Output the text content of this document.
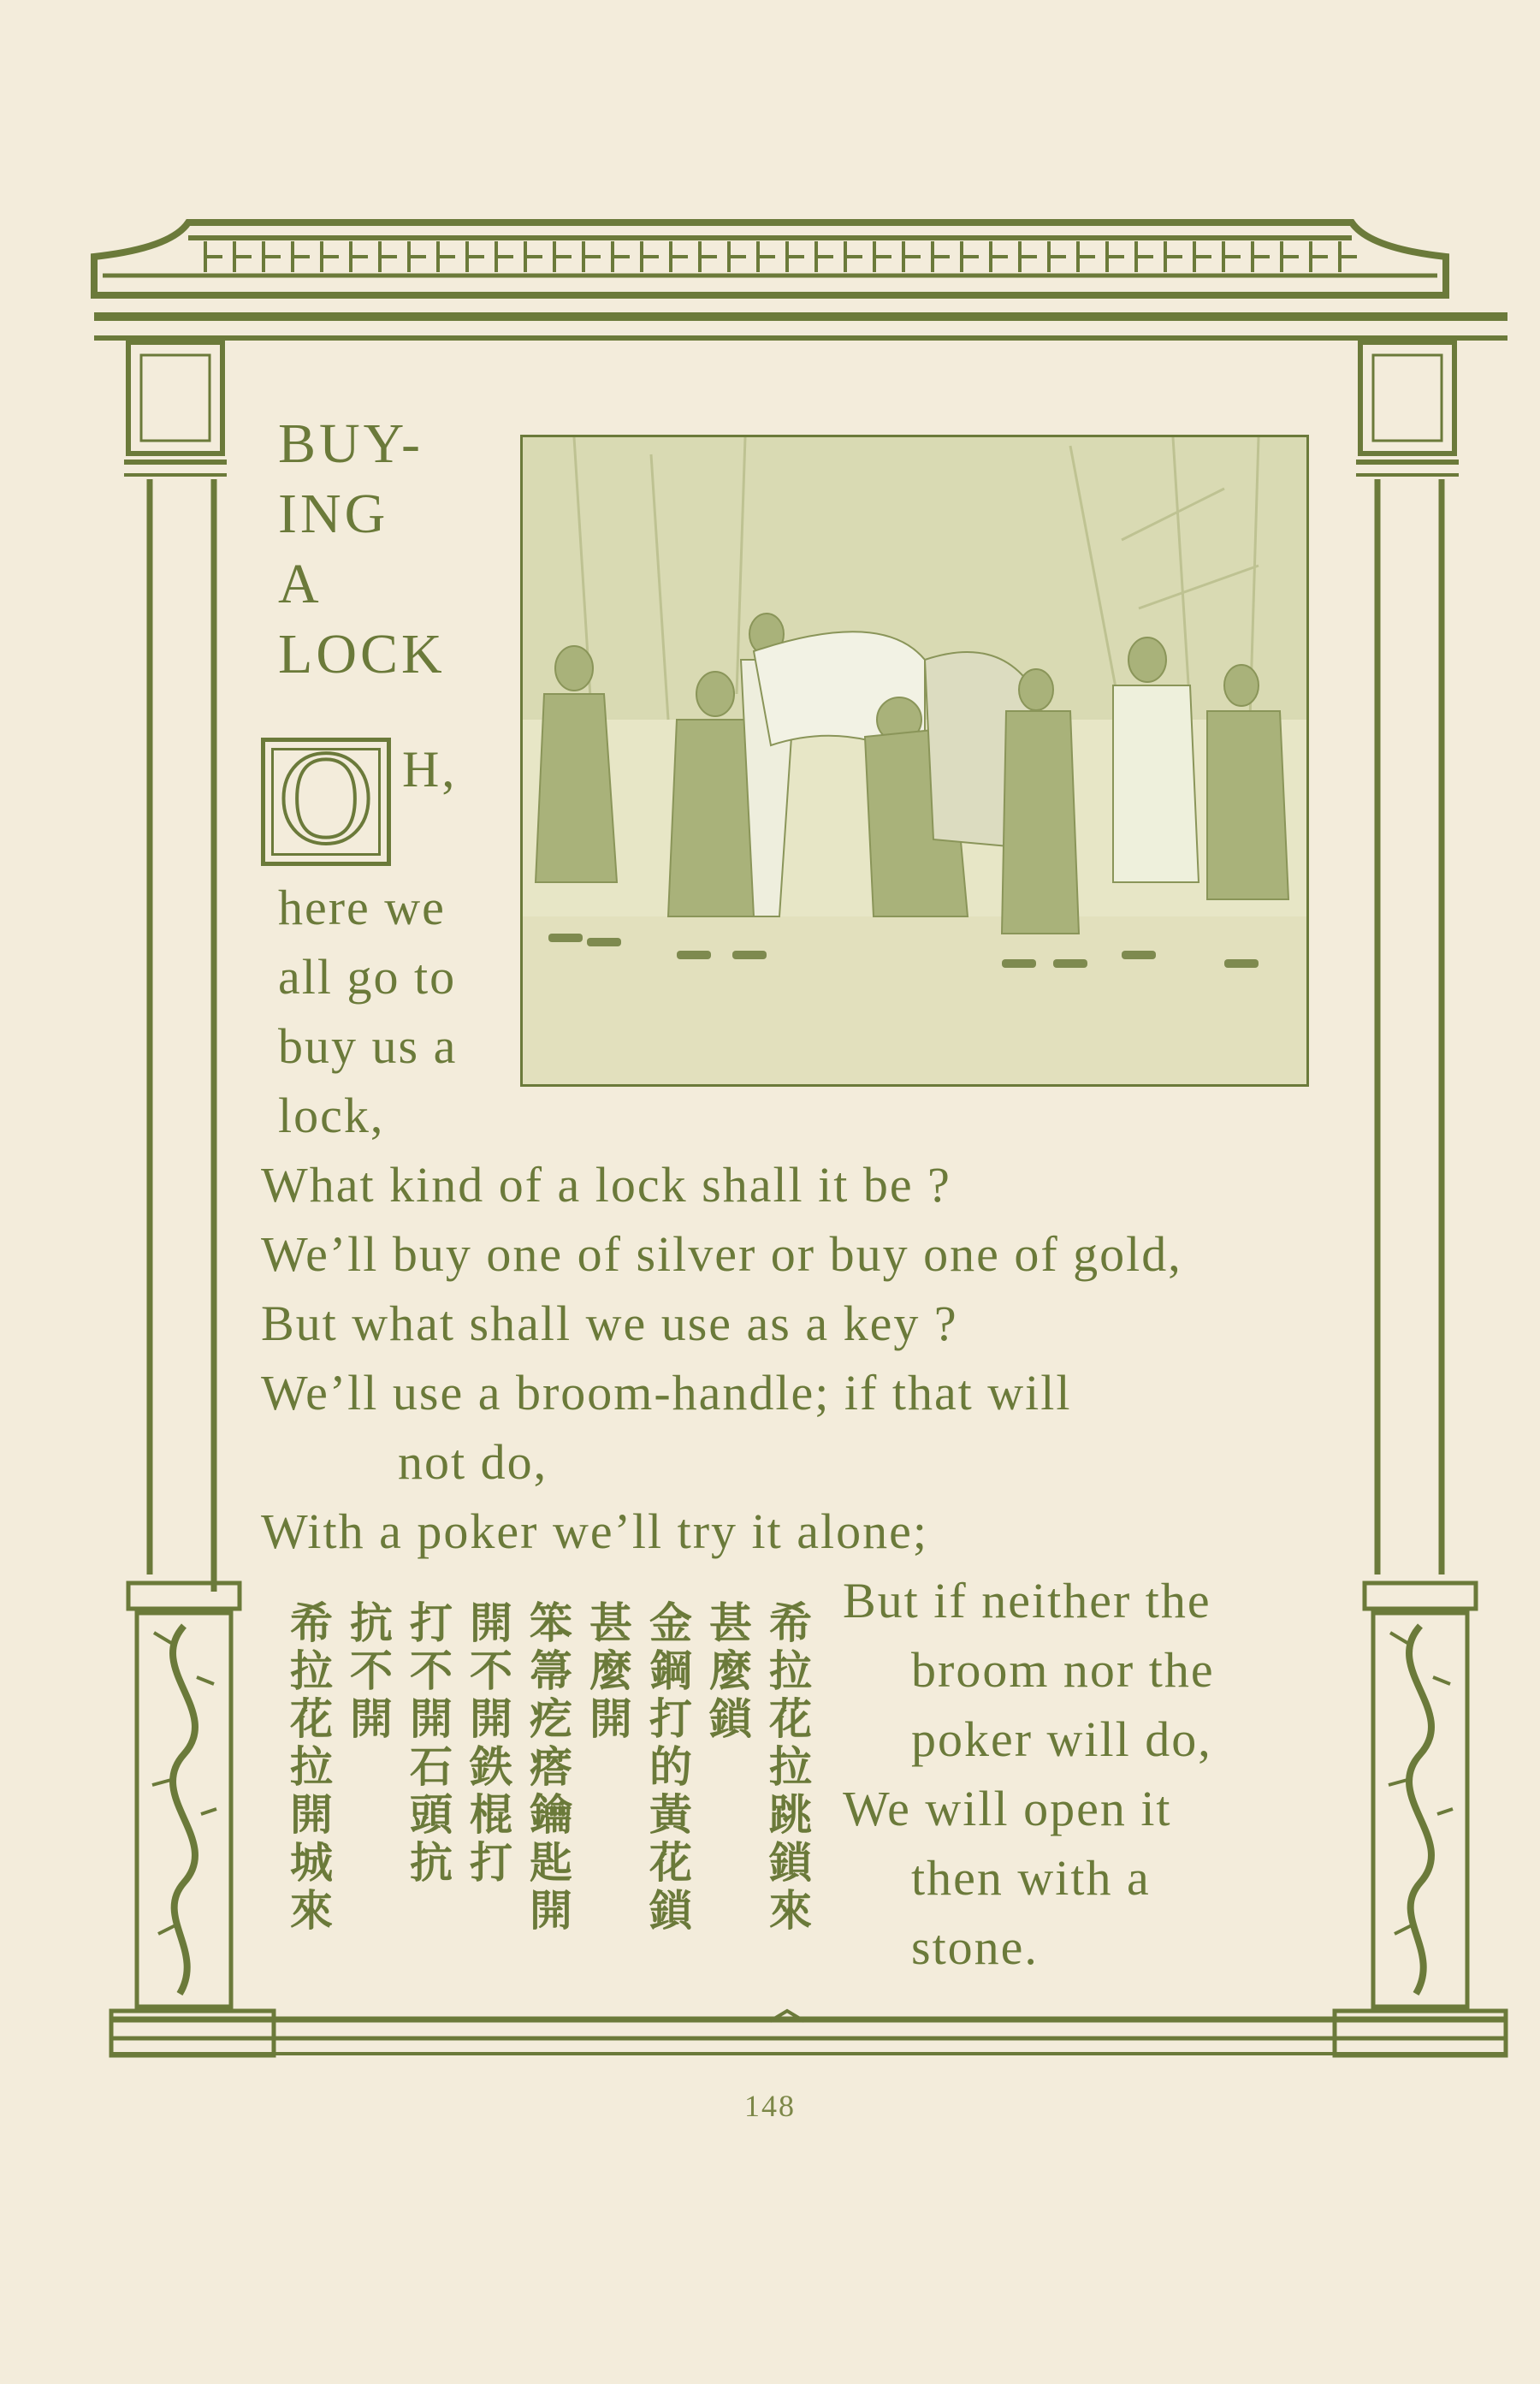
BUY-
ING
A
LOCK
O H,
here we
all go to
buy us a
lock,
What kind of a lock shall it be ?
We’ll buy one of silver or buy one of gold,
But what shall we use as a key ?
We’ll use a broom-handle; if that will
not do,
With a poker we’ll try it alone;
But if neither the
broom nor the
poker will do,
We will open it
then with a
stone.
希拉花拉跳鎖來
甚麼鎖
金鋼打的黃花鎖
甚麼開
笨箒疙瘩鑰匙開
開不開鉄棍打
打不開石頭抗
抗不開
希拉花拉開城來
148
